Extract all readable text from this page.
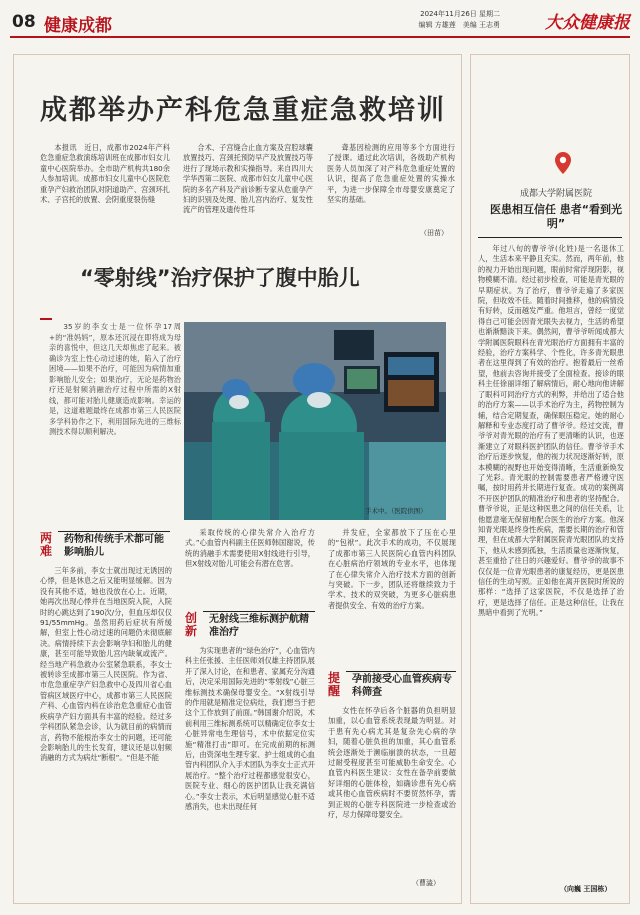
08 健康成都
2024年11月26日 星期二
编辑 方雄莲　美编 王志勇	大众健康报
成都举办产科危急重症急救培训

本报讯　近日，成都市2024年产科危急重症急救演练培训班在成都市妇女儿童中心医院举办。全市助产机构共180余人参加培训。成都市妇女儿童中心医院危重孕产妇救治团队对阴道助产、宫颈环扎术、子宫托的放置、会阴重度裂伤缝

合术、子宫缝合止血方案及宫腔球囊放置技巧、宫颈托预防早产及放置技巧等进行了现场示教和实操指导。来自四川大学华西第二医院、成都市妇女儿童中心医院的多名产科及产前诊断专家从危重孕产妇的识别及处理、胎儿宫内治疗、复发性流产的管理及遗传性耳

聋基因检测的应用等多个方面进行了授课。通过此次培训，各级助产机构医务人员加深了对产科危急重症处置的认识，提高了危急重症处置的实操水平，为进一步保障全市母婴安康奠定了坚实的基础。

（田苗）
“零射线”治疗保护了腹中胎儿
35岁的李女士是一位怀孕17周+的“准妈妈”，原本还沉浸在即将成为母亲的喜悦中，但这几天却焦虑了起来。被确诊为室上性心动过速的她，陷入了治疗困境——如果不治疗，可能因为病情加重影响胎儿安全；如果治疗，无论是药物治疗还是射频消融治疗过程中所需的X射线，都可能对胎儿健康造成影响。幸运的是，这道难题最终在成都市第三人民医院多学科协作之下，利用国际先进的三维标测技术得以顺利解决。
手术中。（医院供图）
两难
药物和传统手术都可能影响胎儿

三年多前，李女士就出现过无诱因的心悸，但是休息之后又能明显缓解。因为没有其他不适，她也没放在心上。近期，她再次出现心悸并在当地医院入院，入院时的心跳达到了190次/分，但血压却仅仅91/55mmHg。虽然用药后症状有所缓解，但室上性心动过速的问题仍未彻底解决。病情持续下去会影响孕妇和胎儿的健康，甚至可能导致胎儿宫内缺氧或流产。经当地产科急救办公室紧急联系，李女士被转诊至成都市第三人民医院。作为省、市危急重症孕产妇急救中心及四川省心血管病区域医疗中心，成都市第三人民医院产科、心血管内科在诊治危急重症心血管疾病孕产妇方面具有丰富的经验。经过多学科团队紧急会诊，认为就目前的病情而言，药物不能根治李女士的问题，还可能会影响胎儿的生长发育，建议还是以射频消融的方式为病灶“断根”。“但是不能

采取传统的心律失常介入治疗方式。”心血管内科副主任医师韩国谢说，传统的消融手术需要使用X射线进行引导，但X射线对胎儿可能会有潜在危害。

创新
无射线三维标测护航精准治疗

为实现患者的“绿色治疗”，心血管内科主任张援、主任医师刘仅雄主持团队展开了深入讨论，在和患者、家属充分沟通后，决定采用国际先进的“零射线”心脏三维标测技术确保母婴安全。“X射线引导的作用就是精准定位病灶，我们想当于把这个工作放到了前面。”韩国谢介绍说，术前利用三维标测系统可以精确定位李女士心脏异常电生理信号，术中依据定位实施“精准打击”即可。在完成前期的标测后，由资深电生理专家、护士组成的心血管内科团队介入手术团队为李女士正式开展治疗。“整个治疗过程都感觉很安心，医院专业、细心的医护团队让我充满信心。”李女士表示，术后明显感觉心脏不适感消失，也未出现任何

并发症，全家都放下了压在心里的“包袱”。此次手术的成功，不仅展现了成都市第三人民医院心血管内科团队在心脏病治疗领域的专业水平，也体现了在心律失常介入治疗技术方面的创新与突破。下一步，团队还将继续致力于学术、技术的双突破，为更多心脏病患者提供安全、有效的治疗方案。

提醒
孕前接受心血管疾病专科筛查

女性在怀孕后各个脏器的负担明显加重，以心血管系统表现最为明显。对于患有先心病尤其是复杂先心病的孕妇，随着心脏负担的加重，其心血管系统会逐渐处于濒临崩溃的状态，一旦超过耐受程度甚至可能威胁生命安全。心血管内科医生建议：女性在备孕前要做好详细的心脏体检，如确诊患有先心病或其他心血管疾病时不要贸然怀孕，需到正规的心脏专科医院进一步检查或治疗，尽力保障母婴安全。

（曹澁）
成都大学附属医院
医患相互信任 患者“看到光明”

年过八旬的曹爷爷(化姓)是一名退休工人，生活本来平静且充实。然而，两年前，他的视力开始出现问题，眼前时常浮现阴影，视物模糊不清。经过初步检查，可能是青光眼的早期症状。为了治疗，曹爷爷走遍了多家医院，但收效不佳。随着时间推移，他的病情没有好转，反而越发严重。他坦言，曾经一度觉得自己可能会因青光眼失去视力，生活的希望也渐渐黯淡下来。偶然间，曹爷爷听闻成都大学附属医院眼科在青光眼治疗方面拥有丰富的经验，治疗方案科学、个性化，许多青光眼患者在这里得到了有效的治疗。抱着最后一丝希望，他前去咨询并接受了全面检查。接诊的眼科主任徐丽详细了解病情后，耐心地向他讲解了眼科可同治疗方式的利弊，并给出了适合他的治疗方案——以手术治疗为主，药物控制为辅，结合定期复查，确保眼压稳定。她的耐心解释和专业态度打动了曹爷爷。经过交流，曹爷爷对青光眼的治疗有了更清晰的认识，也逐渐建立了对眼科医护团队的信任。曹爷爷手术治疗后逐步恢复，他的视力状况逐渐好转，原本模糊的视野也开始变得清晰，生活重新焕发了光彩。青光眼的控制需要患者严格遵守医嘱，按时用药并长期进行复查。成功的案例离不开医护团队的精准治疗和患者的坚持配合。曹爷爷说，正是这种医患之间的信任关系，让他愿意毫无保留地配合医生的治疗方案。他深知青光眼是终身性疾病，需要长期的治疗和管理，但在成都大学附属医院青光眼团队的支持下，他从未感到孤独，生活质量也逐渐恢复，甚至重拾了往日的兴趣爱好。曹爷爷的故事不仅仅是一位青光眼患者的康复经历，更是医患信任的生动写照。正如他在离开医院时所说的那样：“选择了这家医院，不仅是选择了治疗，更是选择了信任。正是这种信任，让我在黑暗中看到了光明。”

（向巍 王国栋）
